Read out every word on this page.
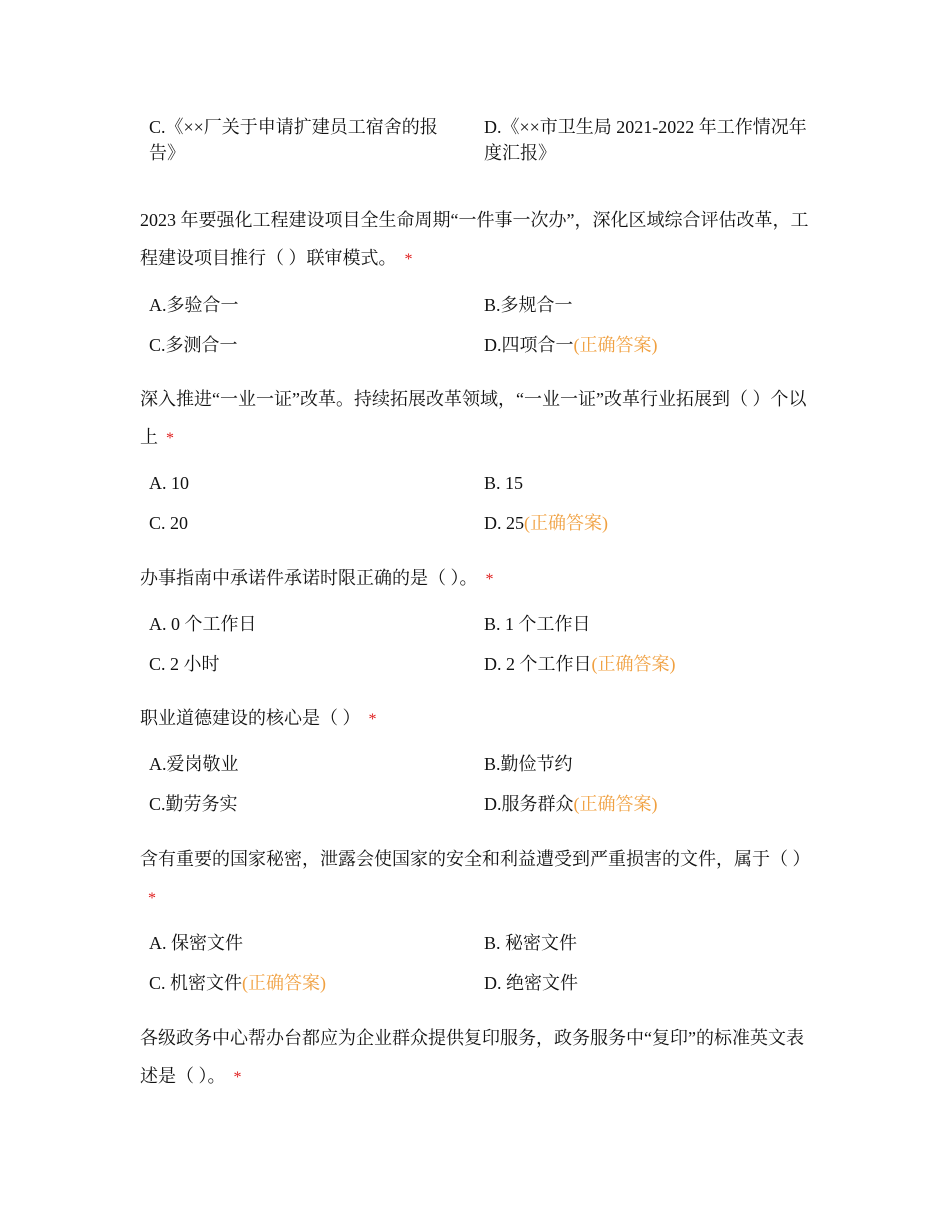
C.《××厂关于申请扩建员工宿舍的报告》
D.《××市卫生局 2021-2022 年工作情况年度汇报》
2023 年要强化工程建设项目全生命周期“一件事一次办”，深化区域综合评估改革，工程建设项目推行（ ）联审模式。 *
A.多验合一	B.多规合一
C.多测合一	D.四项合一(正确答案)
深入推进“一业一证”改革。持续拓展改革领域，“一业一证”改革行业拓展到（ ）个以上 *
A. 10	B. 15
C. 20	D. 25(正确答案)
办事指南中承诺件承诺时限正确的是（ ）。 *
A. 0 个工作日	B. 1 个工作日
C. 2 小时	D. 2 个工作日(正确答案)
职业道德建设的核心是（ ） *
A.爱岗敬业	B.勤俭节约
C.勤劳务实	D.服务群众(正确答案)
含有重要的国家秘密，泄露会使国家的安全和利益遭受到严重损害的文件，属于（ ）*
A. 保密文件	B. 秘密文件
C. 机密文件(正确答案)	D. 绝密文件
各级政务中心帮办台都应为企业群众提供复印服务，政务服务中“复印”的标准英文表述是（ ）。 *
